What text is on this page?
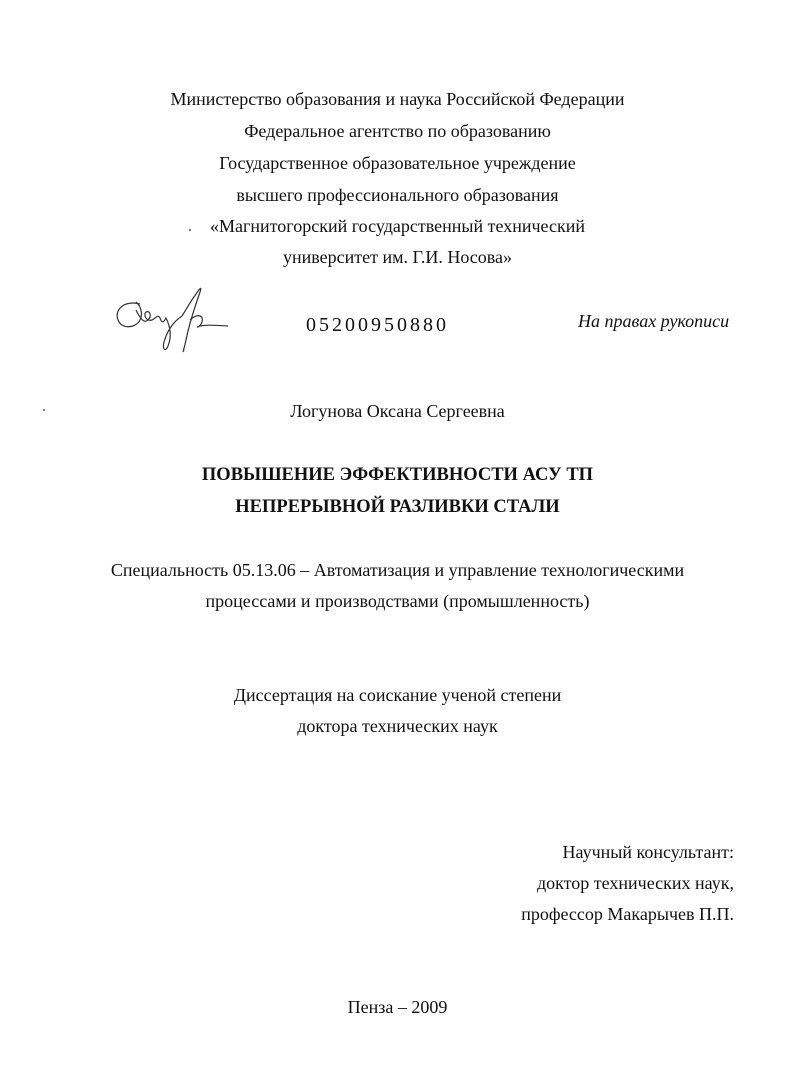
Министерство образования и наука Российской Федерации
Федеральное агентство по образованию
Государственное образовательное учреждение
высшего профессионального образования
«Магнитогорский государственный технический
университет им. Г.И. Носова»
05200950880	На правах рукописи
Логунова Оксана Сергеевна
ПОВЫШЕНИЕ ЭФФЕКТИВНОСТИ АСУ ТП
НЕПРЕРЫВНОЙ РАЗЛИВКИ СТАЛИ
Специальность 05.13.06 – Автоматизация и управление технологическими
процессами и производствами (промышленность)
Диссертация на соискание ученой степени
доктора технических наук
Научный консультант:
доктор технических наук,
профессор Макарычев П.П.
Пенза – 2009
